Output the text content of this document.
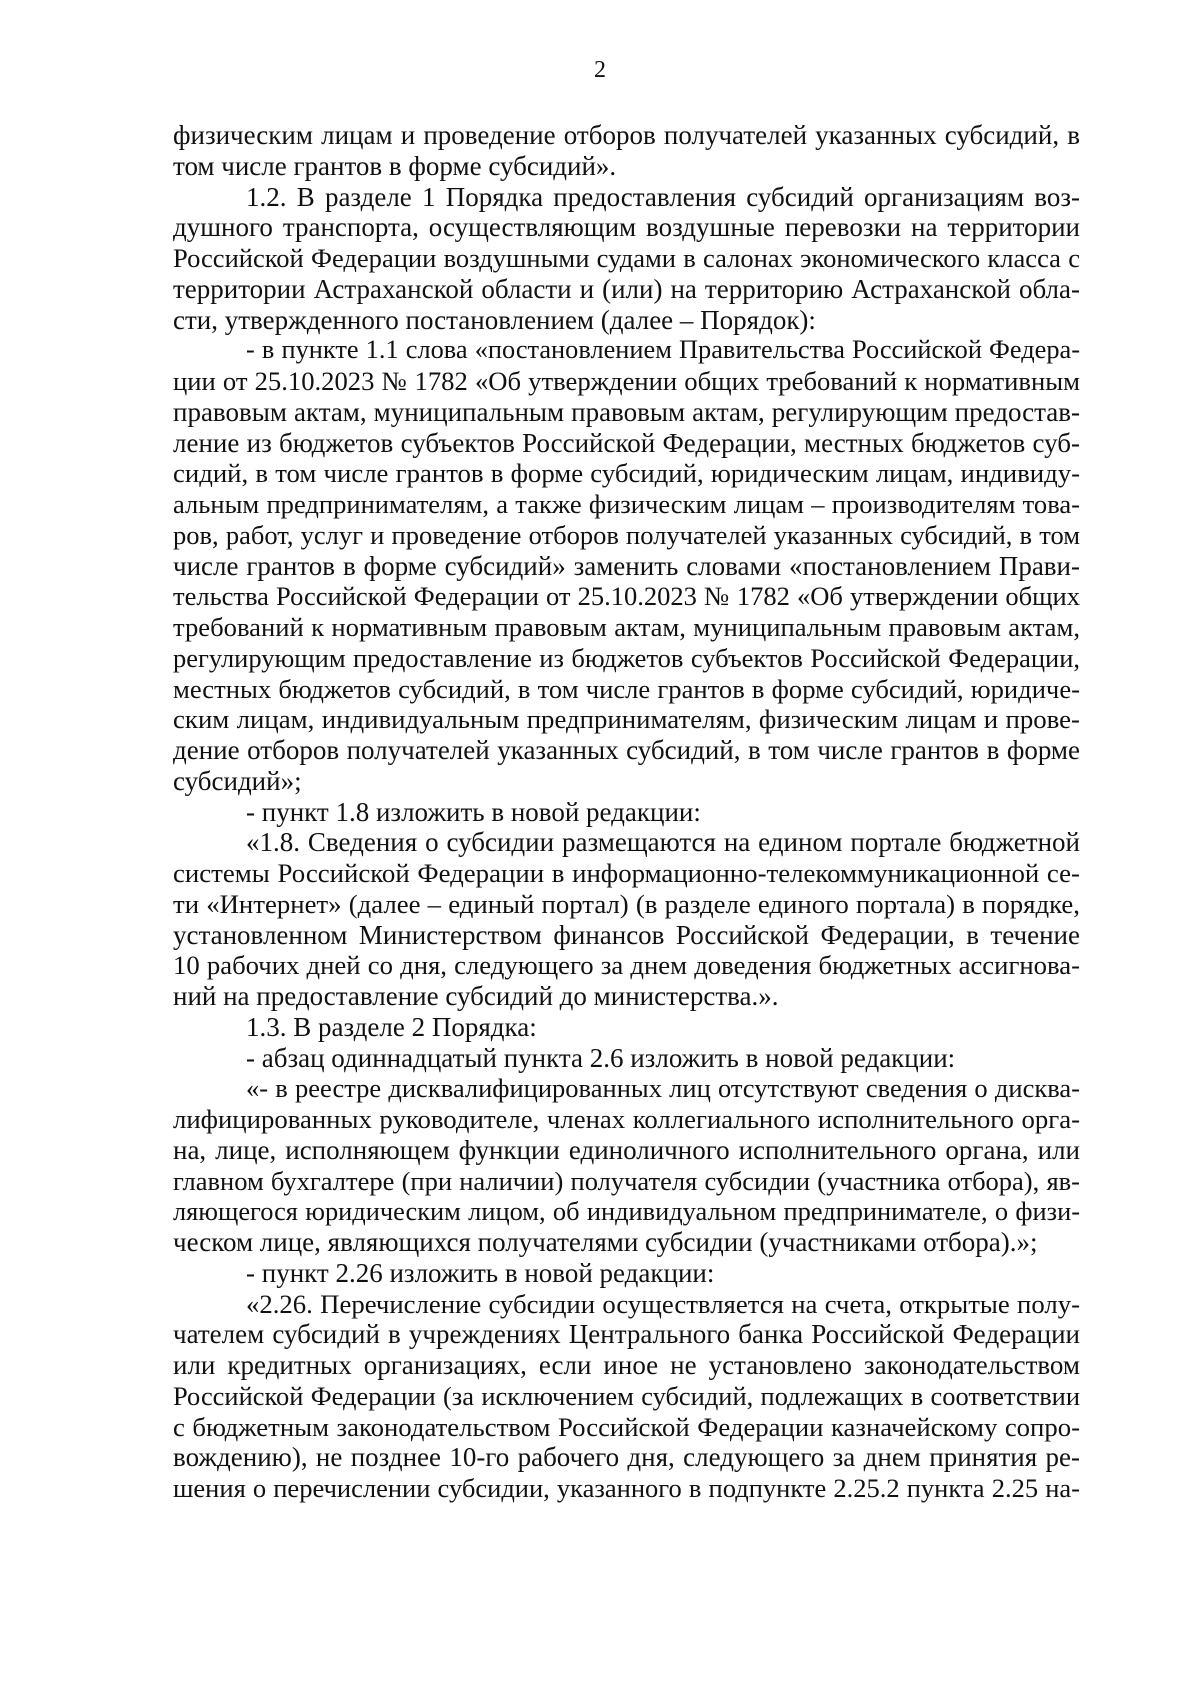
2
физическим лицам и проведение отборов получателей указанных субсидий, в
том числе грантов в форме субсидий».
1.2. В разделе 1 Порядка предоставления субсидий организациям воз-
душного транспорта, осуществляющим воздушные перевозки на территории
Российской Федерации воздушными судами в салонах экономического класса с
территории Астраханской области и (или) на территорию Астраханской обла-
сти, утвержденного постановлением (далее – Порядок):
- в пункте 1.1 слова «постановлением Правительства Российской Федера-
ции от 25.10.2023 № 1782 «Об утверждении общих требований к нормативным
правовым актам, муниципальным правовым актам, регулирующим предостав-
ление из бюджетов субъектов Российской Федерации, местных бюджетов суб-
сидий, в том числе грантов в форме субсидий, юридическим лицам, индивиду-
альным предпринимателям, а также физическим лицам – производителям това-
ров, работ, услуг и проведение отборов получателей указанных субсидий, в том
числе грантов в форме субсидий» заменить словами «постановлением Прави-
тельства Российской Федерации от 25.10.2023 № 1782 «Об утверждении общих
требований к нормативным правовым актам, муниципальным правовым актам,
регулирующим предоставление из бюджетов субъектов Российской Федерации,
местных бюджетов субсидий, в том числе грантов в форме субсидий, юридиче-
ским лицам, индивидуальным предпринимателям, физическим лицам и прове-
дение отборов получателей указанных субсидий, в том числе грантов в форме
субсидий»;
- пункт 1.8 изложить в новой редакции:
«1.8. Сведения о субсидии размещаются на едином портале бюджетной
системы Российской Федерации в информационно-телекоммуникационной се-
ти «Интернет» (далее – единый портал) (в разделе единого портала) в порядке,
установленном Министерством финансов Российской Федерации, в течение
10 рабочих дней со дня, следующего за днем доведения бюджетных ассигнова-
ний на предоставление субсидий до министерства.».
1.3. В разделе 2 Порядка:
- абзац одиннадцатый пункта 2.6 изложить в новой редакции:
«- в реестре дисквалифицированных лиц отсутствуют сведения о дисква-
лифицированных руководителе, членах коллегиального исполнительного орга-
на, лице, исполняющем функции единоличного исполнительного органа, или
главном бухгалтере (при наличии) получателя субсидии (участника отбора), яв-
ляющегося юридическим лицом, об индивидуальном предпринимателе, о физи-
ческом лице, являющихся получателями субсидии (участниками отбора).»;
- пункт 2.26 изложить в новой редакции:
«2.26. Перечисление субсидии осуществляется на счета, открытые полу-
чателем субсидий в учреждениях Центрального банка Российской Федерации
или кредитных организациях, если иное не установлено законодательством
Российской Федерации (за исключением субсидий, подлежащих в соответствии
с бюджетным законодательством Российской Федерации казначейскому сопро-
вождению), не позднее 10-го рабочего дня, следующего за днем принятия ре-
шения о перечислении субсидии, указанного в подпункте 2.25.2 пункта 2.25 на-
